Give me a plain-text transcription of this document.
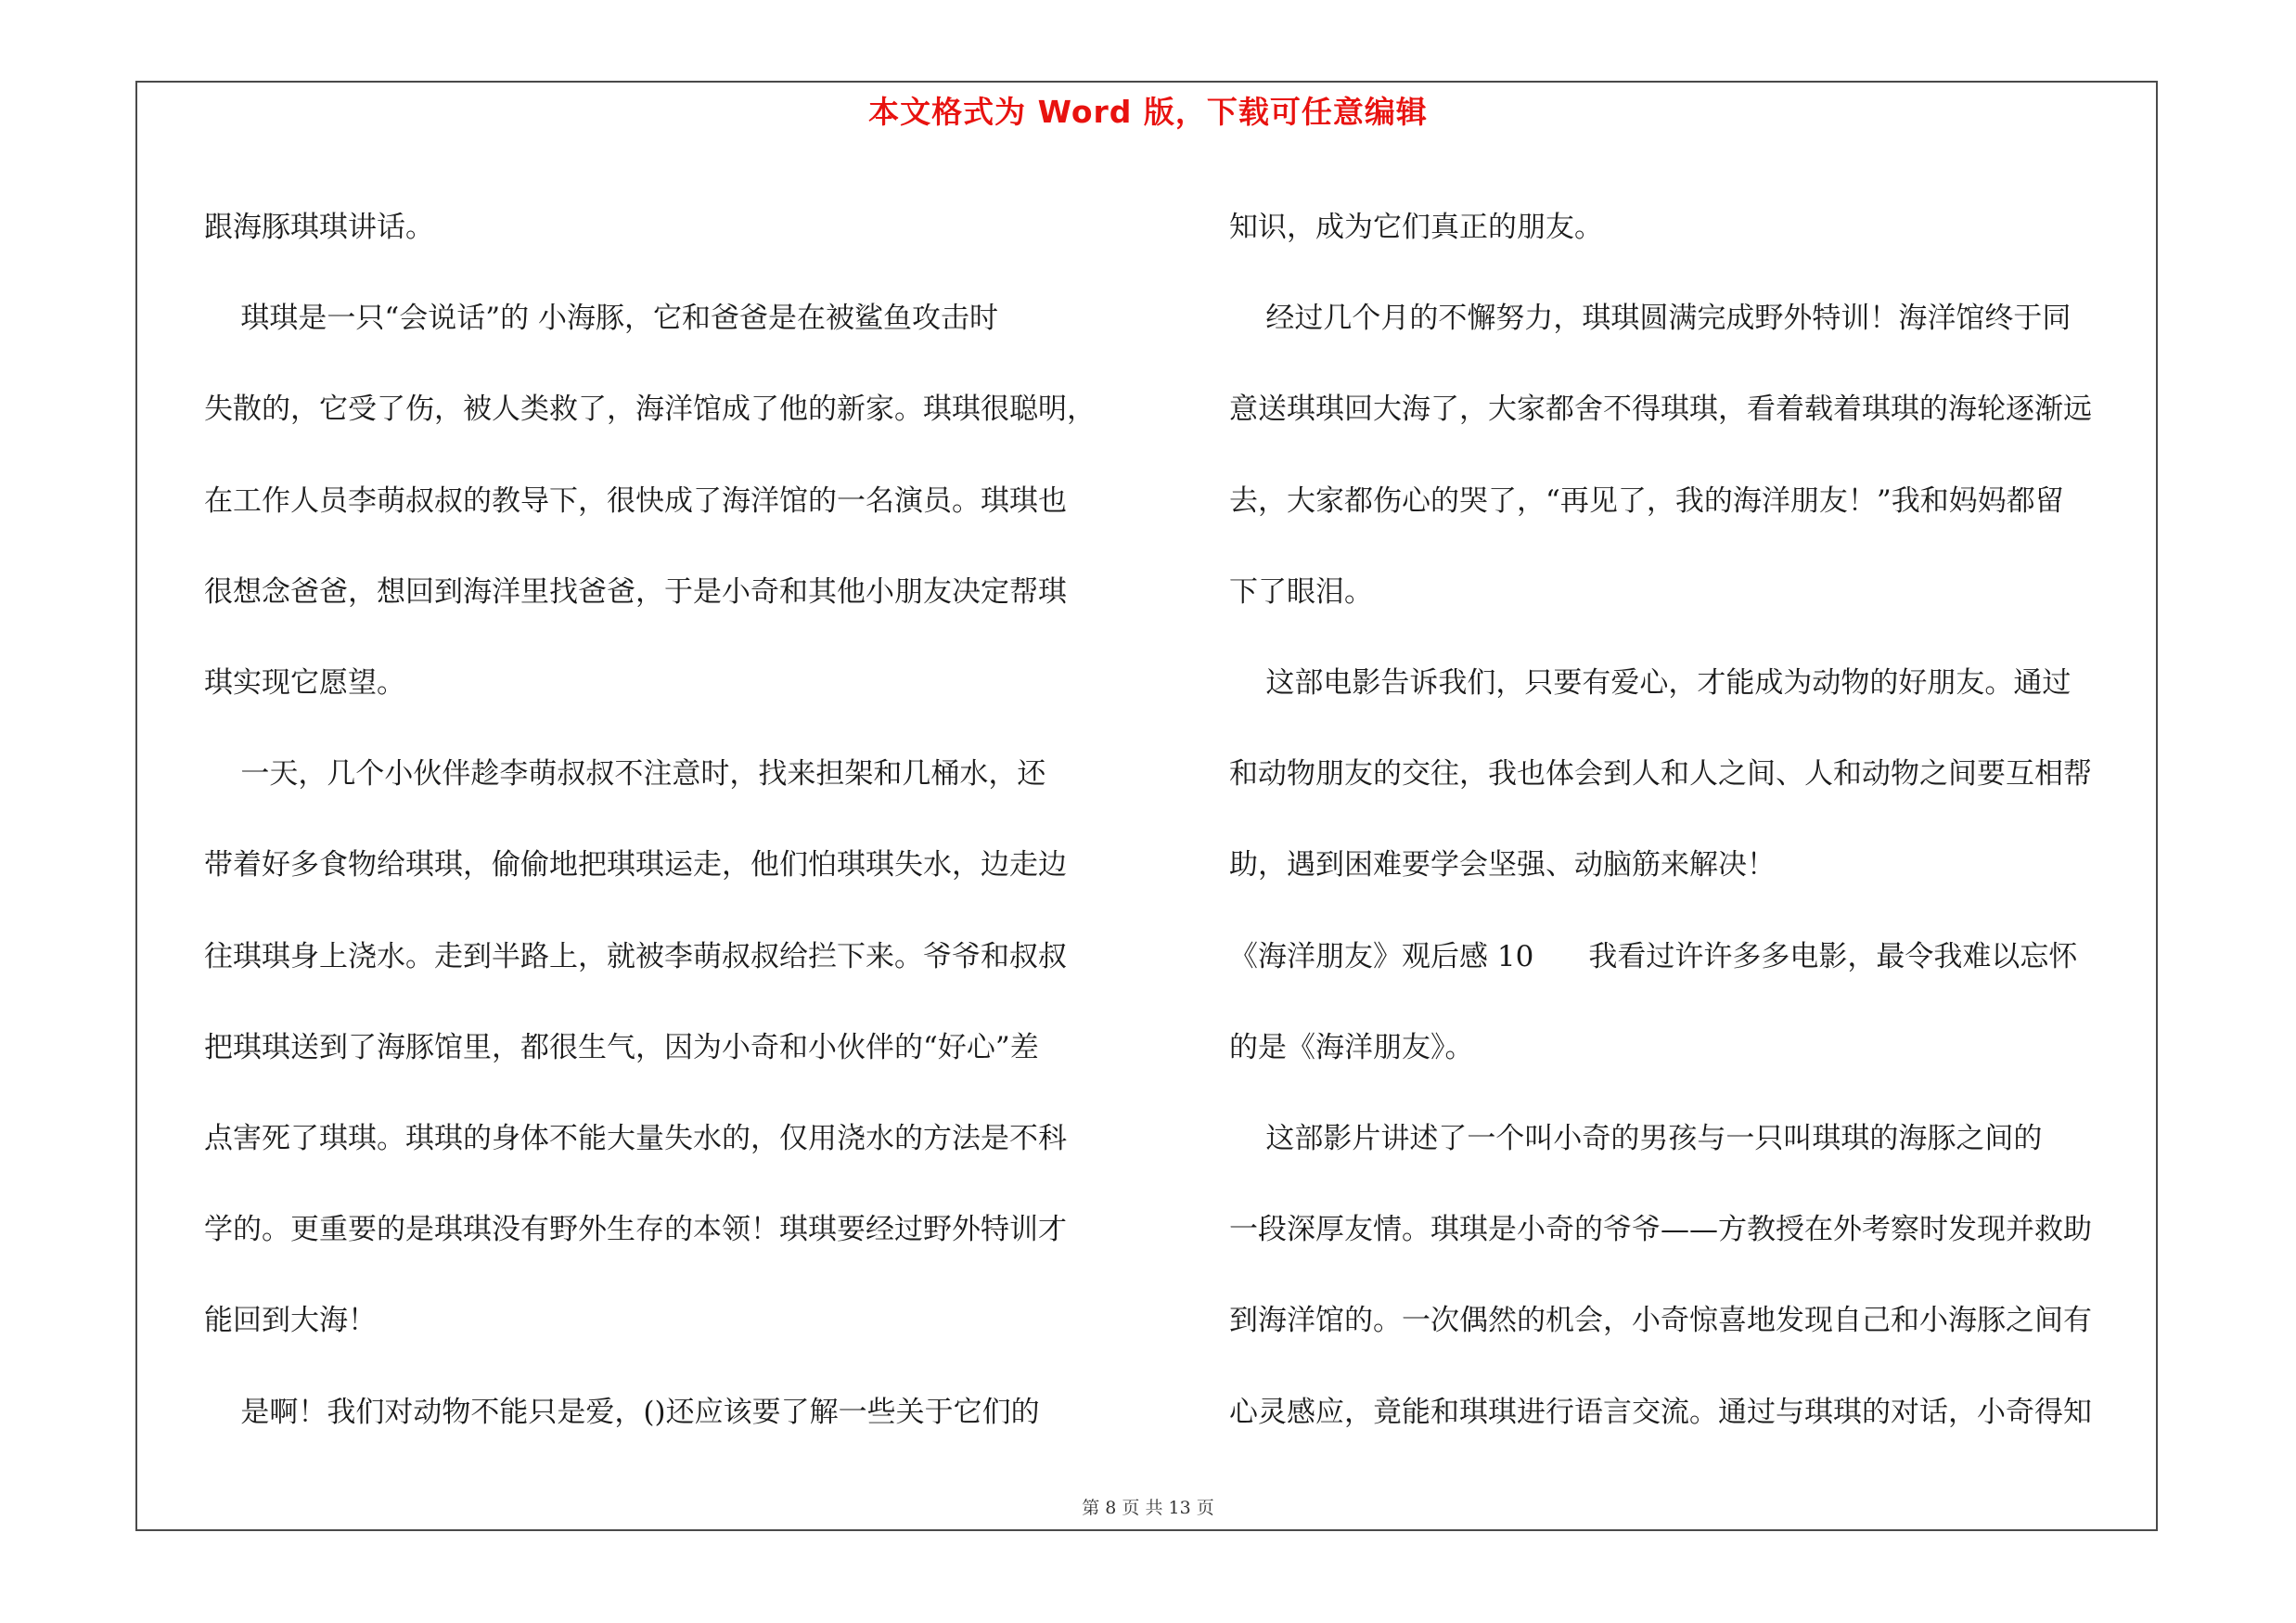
本文格式为 Word 版，下载可任意编辑

跟海豚琪琪讲话。

琪琪是一只“会说话”的 小海豚，它和爸爸是在被鲨鱼攻击时

失散的，它受了伤，被人类救了，海洋馆成了他的新家。琪琪很聪明，

在工作人员李萌叔叔的教导下，很快成了海洋馆的一名演员。琪琪也

很想念爸爸，想回到海洋里找爸爸，于是小奇和其他小朋友决定帮琪

琪实现它愿望。

一天，几个小伙伴趁李萌叔叔不注意时，找来担架和几桶水，还

带着好多食物给琪琪，偷偷地把琪琪运走，他们怕琪琪失水，边走边

往琪琪身上浇水。走到半路上，就被李萌叔叔给拦下来。爷爷和叔叔

把琪琪送到了海豚馆里，都很生气，因为小奇和小伙伴的“好心”差

点害死了琪琪。琪琪的身体不能大量失水的，仅用浇水的方法是不科

学的。更重要的是琪琪没有野外生存的本领！琪琪要经过野外特训才

能回到大海！

是啊！我们对动物不能只是爱，()还应该要了解一些关于它们的

知识，成为它们真正的朋友。

经过几个月的不懈努力，琪琪圆满完成野外特训！海洋馆终于同

意送琪琪回大海了，大家都舍不得琪琪，看着载着琪琪的海轮逐渐远

去，大家都伤心的哭了，“再见了，我的海洋朋友！”我和妈妈都留

下了眼泪。

这部电影告诉我们，只要有爱心，才能成为动物的好朋友。通过

和动物朋友的交往，我也体会到人和人之间、人和动物之间要互相帮

助，遇到困难要学会坚强、动脑筋来解决！

《海洋朋友》观后感 10      我看过许许多多电影，最令我难以忘怀

的是《海洋朋友》。

这部影片讲述了一个叫小奇的男孩与一只叫琪琪的海豚之间的

一段深厚友情。琪琪是小奇的爷爷——方教授在外考察时发现并救助

到海洋馆的。一次偶然的机会，小奇惊喜地发现自己和小海豚之间有

心灵感应，竟能和琪琪进行语言交流。通过与琪琪的对话，小奇得知

第 8 页 共 13 页
